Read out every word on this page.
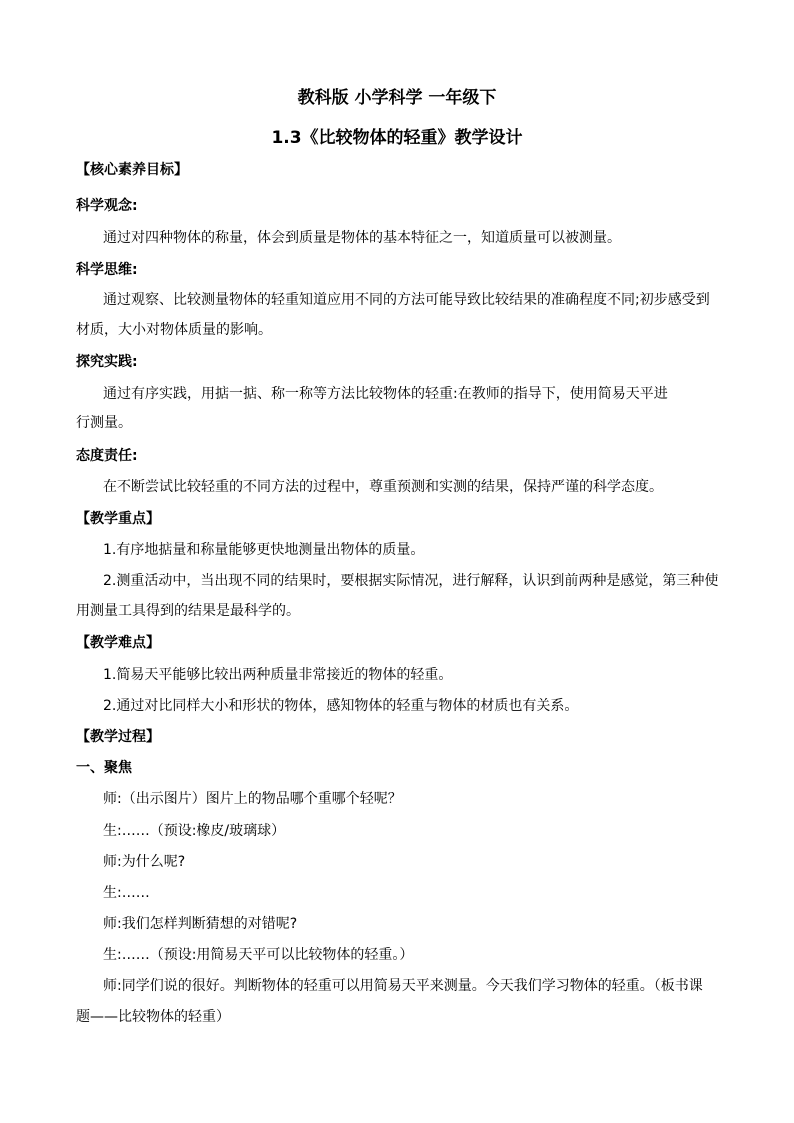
教科版 小学科学 一年级下
1.3《比较物体的轻重》教学设计
【核心素养目标】
科学观念:
通过对四种物体的称量，体会到质量是物体的基本特征之一，知道质量可以被测量。
科学思维:
通过观察、比较测量物体的轻重知道应用不同的方法可能导致比较结果的准确程度不同;初步感受到
材质，大小对物体质量的影响。
探究实践:
通过有序实践，用掂一掂、称一称等方法比较物体的轻重:在教师的指导下，使用简易天平进
行测量。
态度责任:
在不断尝试比较轻重的不同方法的过程中，尊重预测和实测的结果，保持严谨的科学态度。
【教学重点】
1.有序地掂量和称量能够更快地测量出物体的质量。
2.测重活动中，当出现不同的结果时，要根据实际情况，进行解释，认识到前两种是感觉，第三种使
用测量工具得到的结果是最科学的。
【教学难点】
1.简易天平能够比较出两种质量非常接近的物体的轻重。
2.通过对比同样大小和形状的物体，感知物体的轻重与物体的材质也有关系。
【教学过程】
一、聚焦
师:（出示图片）图片上的物品哪个重哪个轻呢？
生:……（预设:橡皮/玻璃球）
师:为什么呢?
生:……
师:我们怎样判断猜想的对错呢?
生:……（预设:用简易天平可以比较物体的轻重。）
师:同学们说的很好。判断物体的轻重可以用简易天平来测量。今天我们学习物体的轻重。（板书课
题——比较物体的轻重）
